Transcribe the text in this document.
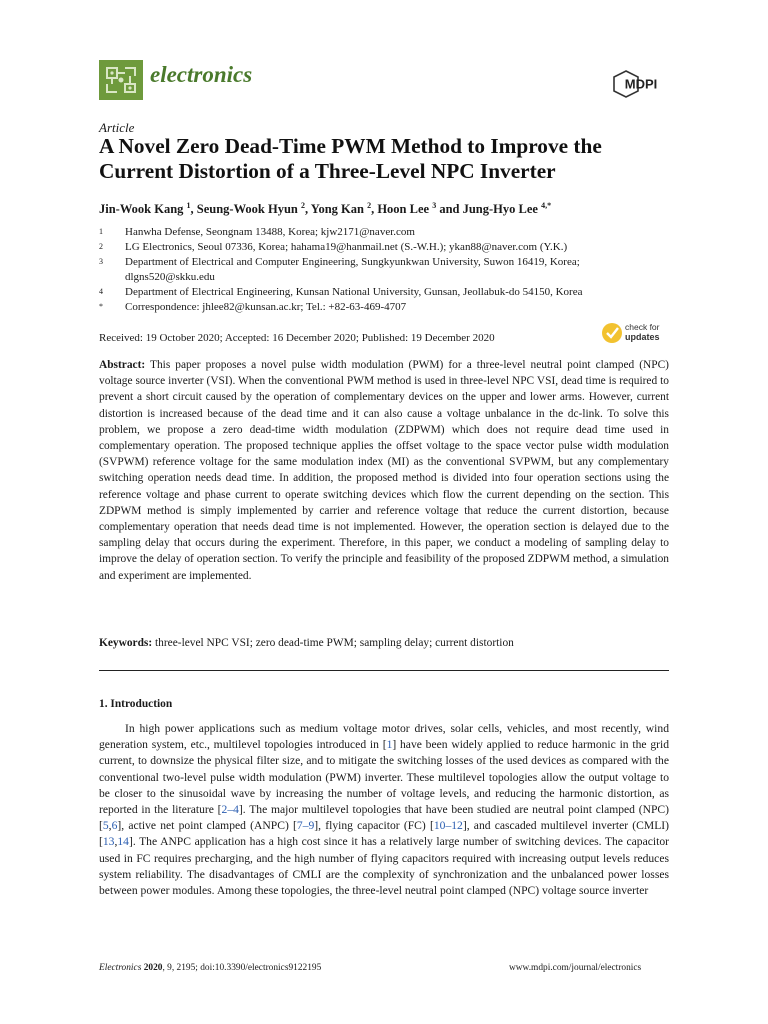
electronics	MDPI
Article
A Novel Zero Dead-Time PWM Method to Improve the Current Distortion of a Three-Level NPC Inverter
Jin-Wook Kang $^1$, Seung-Wook Hyun $^2$, Yong Kan $^2$, Hoon Lee $^3$ and Jung-Hyo Lee $^{4,*}$
1	Hanwha Defense, Seongnam 13488, Korea; kjw2171@naver.com
2	LG Electronics, Seoul 07336, Korea; hahama19@hanmail.net (S.-W.H.); ykan88@naver.com (Y.K.)
3	Department of Electrical and Computer Engineering, Sungkyunkwan University, Suwon 16419, Korea; dlgns520@skku.edu
4	Department of Electrical Engineering, Kunsan National University, Gunsan, Jeollabuk-do 54150, Korea
*	Correspondence: jhlee82@kunsan.ac.kr; Tel.: +82-63-469-4707
Received: 19 October 2020; Accepted: 16 December 2020; Published: 19 December 2020
check for
updates
Abstract: This paper proposes a novel pulse width modulation (PWM) for a three-level neutral point clamped (NPC) voltage source inverter (VSI). When the conventional PWM method is used in three-level NPC VSI, dead time is required to prevent a short circuit caused by the operation of complementary devices on the upper and lower arms. However, current distortion is increased because of the dead time and it can also cause a voltage unbalance in the dc-link. To solve this problem, we propose a zero dead-time width modulation (ZDPWM) which does not require dead time used in complementary operation. The proposed technique applies the offset voltage to the space vector pulse width modulation (SVPWM) reference voltage for the same modulation index (MI) as the conventional SVPWM, but any complementary switching operation needs dead time. In addition, the proposed method is divided into four operation sections using the reference voltage and phase current to operate switching devices which flow the current depending on the section. This ZDPWM method is simply implemented by carrier and reference voltage that reduce the current distortion, because complementary operation that needs dead time is not implemented. However, the operation section is delayed due to the sampling delay that occurs during the experiment. Therefore, in this paper, we conduct a modeling of sampling delay to improve the delay of operation section. To verify the principle and feasibility of the proposed ZDPWM method, a simulation and experiment are implemented.
Keywords: three-level NPC VSI; zero dead-time PWM; sampling delay; current distortion
1. Introduction
In high power applications such as medium voltage motor drives, solar cells, vehicles, and most recently, wind generation system, etc., multilevel topologies introduced in [1] have been widely applied to reduce harmonic in the grid current, to downsize the physical filter size, and to mitigate the switching losses of the used devices as compared with the conventional two-level pulse width modulation (PWM) inverter. These multilevel topologies allow the output voltage to be closer to the sinusoidal wave by increasing the number of voltage levels, and reducing the harmonic distortion, as reported in the literature [2–4]. The major multilevel topologies that have been studied are neutral point clamped (NPC) [5,6], active net point clamped (ANPC) [7–9], flying capacitor (FC) [10–12], and cascaded multilevel inverter (CMLI) [13,14]. The ANPC application has a high cost since it has a relatively large number of switching devices. The capacitor used in FC requires precharging, and the high number of flying capacitors required with increasing output levels reduces system reliability. The disadvantages of CMLI are the complexity of synchronization and the unbalanced power losses between power modules. Among these topologies, the three-level neutral point clamped (NPC) voltage source inverter
Electronics 2020, 9, 2195; doi:10.3390/electronics9122195	www.mdpi.com/journal/electronics
